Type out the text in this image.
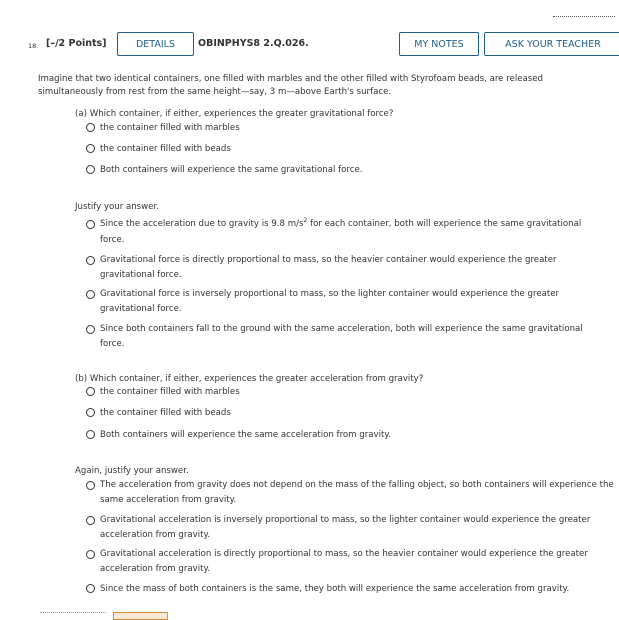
18. [–/2 Points]	DETAILS	OBINPHYS8 2.Q.026.	MY NOTES	ASK YOUR TEACHER
Imagine that two identical containers, one filled with marbles and the other filled with Styrofoam beads, are released simultaneously from rest from the same height—say, 3 m—above Earth's surface.
(a) Which container, if either, experiences the greater gravitational force?
the container filled with marbles
the container filled with beads
Both containers will experience the same gravitational force.
Justify your answer.
Since the acceleration due to gravity is 9.8 $m/s^2$ for each container, both will experience the same gravitational force.
Gravitational force is directly proportional to mass, so the heavier container would experience the greater gravitational force.
Gravitational force is inversely proportional to mass, so the lighter container would experience the greater gravitational force.
Since both containers fall to the ground with the same acceleration, both will experience the same gravitational force.
(b) Which container, if either, experiences the greater acceleration from gravity?
the container filled with marbles
the container filled with beads
Both containers will experience the same acceleration from gravity.
Again, justify your answer.
The acceleration from gravity does not depend on the mass of the falling object, so both containers will experience the same acceleration from gravity.
Gravitational acceleration is inversely proportional to mass, so the lighter container would experience the greater acceleration from gravity.
Gravitational acceleration is directly proportional to mass, so the heavier container would experience the greater acceleration from gravity.
Since the mass of both containers is the same, they both will experience the same acceleration from gravity.
